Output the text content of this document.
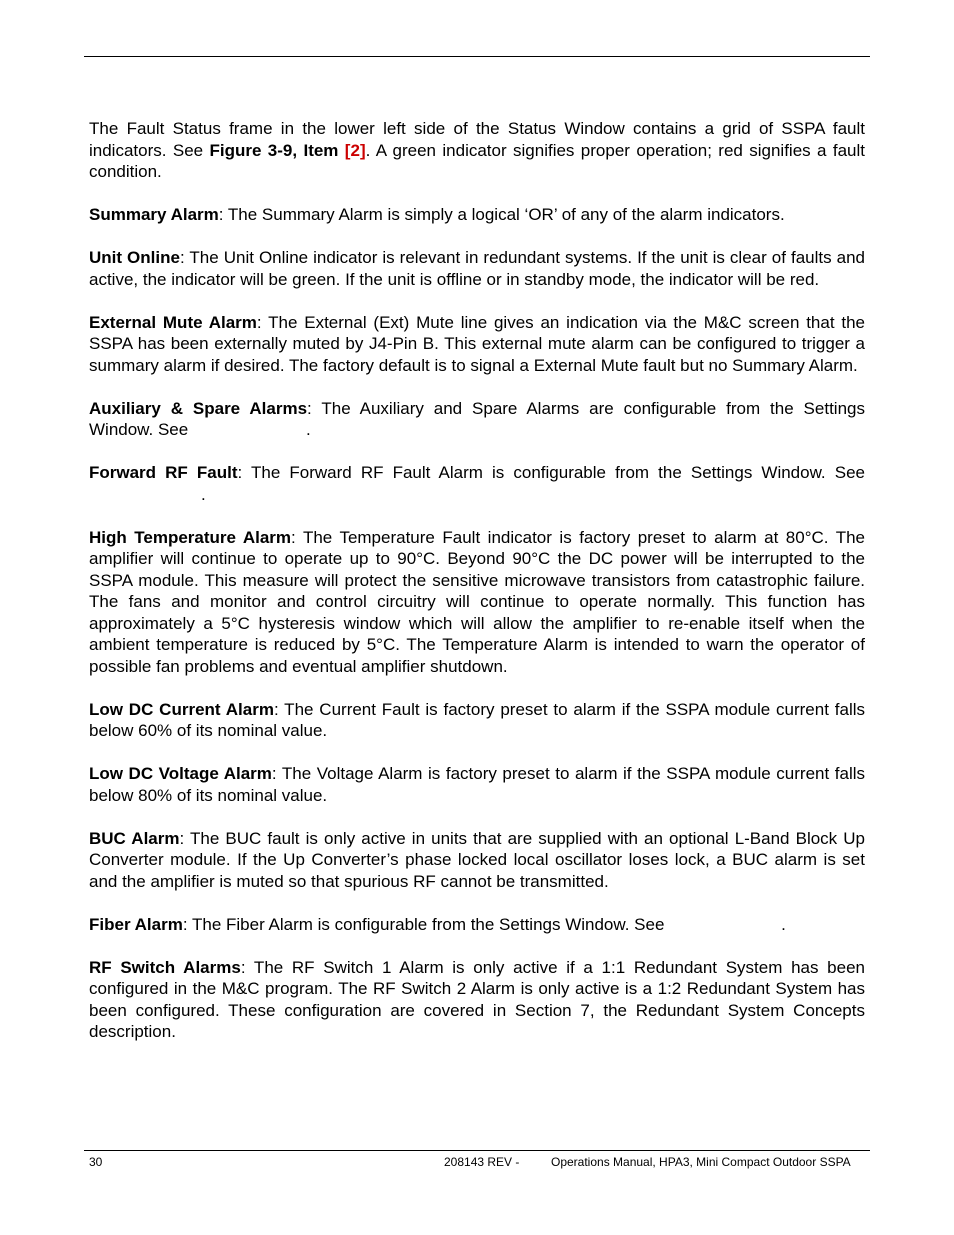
The Fault Status frame in the lower left side of the Status Window contains a grid of SSPA fault indicators. See Figure 3-9, Item [2]. A green indicator signifies proper operation; red signifies a fault condition.

Summary Alarm: The Summary Alarm is simply a logical ‘OR’ of any of the alarm indicators.

Unit Online: The Unit Online indicator is relevant in redundant systems. If the unit is clear of faults and active, the indicator will be green. If the unit is offline or in standby mode, the indicator will be red.

External Mute Alarm: The External (Ext) Mute line gives an indication via the M&C screen that the SSPA has been externally muted by J4-Pin B. This external mute alarm can be configured to trigger a summary alarm if desired. The factory default is to signal a External Mute fault but no Summary Alarm.

Auxiliary & Spare Alarms: The Auxiliary and Spare Alarms are configurable from the Settings Window. See	.

Forward RF Fault: The Forward RF Fault Alarm is configurable from the Settings Window. See .

High Temperature Alarm: The Temperature Fault indicator is factory preset to alarm at 80°C. The amplifier will continue to operate up to 90°C. Beyond 90°C the DC power will be interrupted to the SSPA module. This measure will protect the sensitive microwave transistors from catastrophic failure. The fans and monitor and control circuitry will continue to operate normally. This function has approximately a 5°C hysteresis window which will allow the amplifier to re-enable itself when the ambient temperature is reduced by 5°C. The Temperature Alarm is intended to warn the operator of possible fan problems and eventual amplifier shutdown.

Low DC Current Alarm: The Current Fault is factory preset to alarm if the SSPA module current falls below 60% of its nominal value.

Low DC Voltage Alarm: The Voltage Alarm is factory preset to alarm if the SSPA module current falls below 80% of its nominal value.

BUC Alarm: The BUC fault is only active in units that are supplied with an optional L-Band Block Up Converter module. If the Up Converter’s phase locked local oscillator loses lock, a BUC alarm is set and the amplifier is muted so that spurious RF cannot be transmitted.

Fiber Alarm: The Fiber Alarm is configurable from the Settings Window. See	.

RF Switch Alarms: The RF Switch 1 Alarm is only active if a 1:1 Redundant System has been configured in the M&C program. The RF Switch 2 Alarm is only active is a 1:2 Redundant System has been configured. These configuration are covered in Section 7, the Redundant System Concepts description.

30	208143 REV -	Operations Manual, HPA3, Mini Compact Outdoor SSPA
